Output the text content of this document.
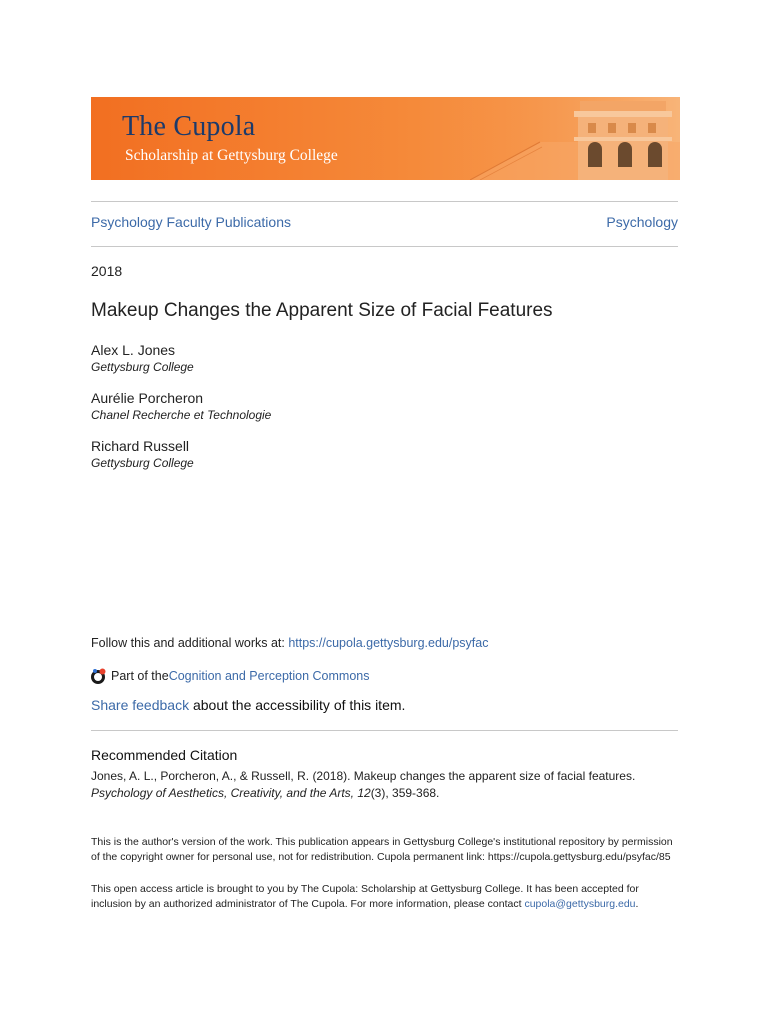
The Cupola
Scholarship at Gettysburg College
Psychology Faculty Publications	Psychology
2018
Makeup Changes the Apparent Size of Facial Features
Alex L. Jones
Gettysburg College
Aurélie Porcheron
Chanel Recherche et Technologie
Richard Russell
Gettysburg College
Follow this and additional works at: https://cupola.gettysburg.edu/psyfac
Part of the Cognition and Perception Commons
Share feedback about the accessibility of this item.
Recommended Citation
Jones, A. L., Porcheron, A., & Russell, R. (2018). Makeup changes the apparent size of facial features.
Psychology of Aesthetics, Creativity, and the Arts, 12(3), 359-368.
This is the author's version of the work. This publication appears in Gettysburg College's institutional repository by permission of the copyright owner for personal use, not for redistribution. Cupola permanent link: https://cupola.gettysburg.edu/psyfac/85
This open access article is brought to you by The Cupola: Scholarship at Gettysburg College. It has been accepted for inclusion by an authorized administrator of The Cupola. For more information, please contact cupola@gettysburg.edu.
